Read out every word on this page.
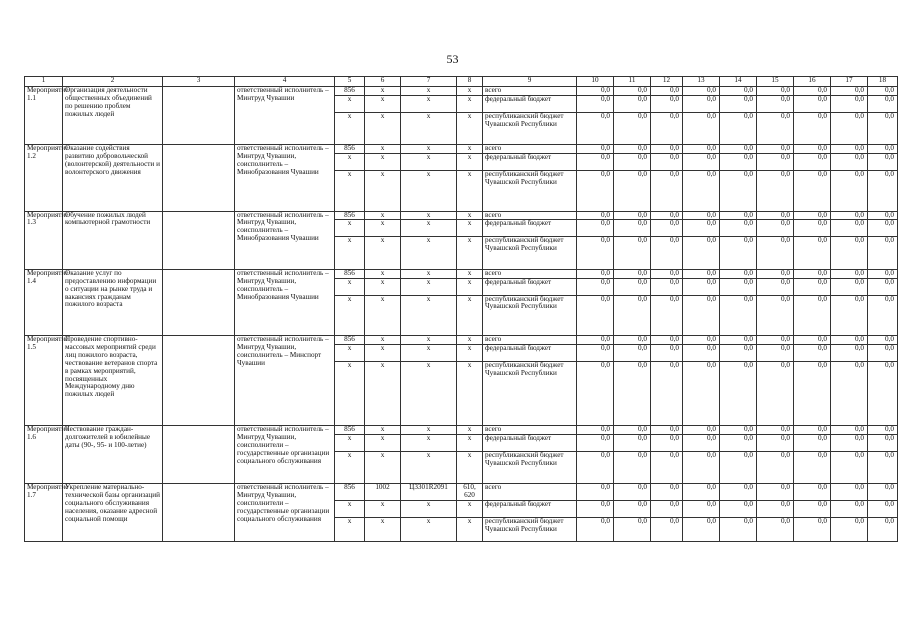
53
1	2	3	4	5	6	7	8	9	10	11	12	13	14	15	16	17	18
Мероприятие 1.1	Организация деятельности общественных объединений по решению проблем пожилых людей		ответственный исполнитель – Минтруд Чувашии	856	x	x	x	всего	0,0	0,0	0,0	0,0	0,0	0,0	0,0	0,0	0,0
				x	x	x	x	федеральный бюджет	0,0	0,0	0,0	0,0	0,0	0,0	0,0	0,0	0,0
				x	x	x	x	республиканский бюджет Чувашской Республики	0,0	0,0	0,0	0,0	0,0	0,0	0,0	0,0	0,0
Мероприятие 1.2	Оказание содействия развитию добровольческой (волонтерской) деятельности и волонтерского движения		ответственный исполнитель – Минтруд Чувашии, соисполнитель – Минобразования Чувашии	856	x	x	x	всего	0,0	0,0	0,0	0,0	0,0	0,0	0,0	0,0	0,0
				x	x	x	x	федеральный бюджет	0,0	0,0	0,0	0,0	0,0	0,0	0,0	0,0	0,0
				x	x	x	x	республиканский бюджет Чувашской Республики	0,0	0,0	0,0	0,0	0,0	0,0	0,0	0,0	0,0
Мероприятие 1.3	Обучение пожилых людей компьютерной грамотности		ответственный исполнитель – Минтруд Чувашии, соисполнитель – Минобразования Чувашии	856	x	x	x	всего	0,0	0,0	0,0	0,0	0,0	0,0	0,0	0,0	0,0
				x	x	x	x	федеральный бюджет	0,0	0,0	0,0	0,0	0,0	0,0	0,0	0,0	0,0
				x	x	x	x	республиканский бюджет Чувашской Республики	0,0	0,0	0,0	0,0	0,0	0,0	0,0	0,0	0,0
Мероприятие 1.4	Оказание услуг по предоставлению информации о ситуации на рынке труда и вакансиях гражданам пожилого возраста		ответственный исполнитель – Минтруд Чувашии, соисполнитель – Минобразования Чувашии	856	x	x	x	всего	0,0	0,0	0,0	0,0	0,0	0,0	0,0	0,0	0,0
				x	x	x	x	федеральный бюджет	0,0	0,0	0,0	0,0	0,0	0,0	0,0	0,0	0,0
				x	x	x	x	республиканский бюджет Чувашской Республики	0,0	0,0	0,0	0,0	0,0	0,0	0,0	0,0	0,0
Мероприятие 1.5	Проведение спортивно-массовых мероприятий среди лиц пожилого возраста, чествование ветеранов спорта в рамках мероприятий, посвященных Международному дню пожилых людей		ответственный исполнитель – Минтруд Чувашии, соисполнитель – Минспорт Чувашии	856	x	x	x	всего	0,0	0,0	0,0	0,0	0,0	0,0	0,0	0,0	0,0
				x	x	x	x	федеральный бюджет	0,0	0,0	0,0	0,0	0,0	0,0	0,0	0,0	0,0
				x	x	x	x	республиканский бюджет Чувашской Республики	0,0	0,0	0,0	0,0	0,0	0,0	0,0	0,0	0,0
Мероприятие 1.6	Чествование граждан-долгожителей в юбилейные даты (90-, 95- и 100-летие)		ответственный исполнитель – Минтруд Чувашии, соисполнители – государственные организации социального обслуживания	856	x	x	x	всего	0,0	0,0	0,0	0,0	0,0	0,0	0,0	0,0	0,0
				x	x	x	x	федеральный бюджет	0,0	0,0	0,0	0,0	0,0	0,0	0,0	0,0	0,0
				x	x	x	x	республиканский бюджет Чувашской Республики	0,0	0,0	0,0	0,0	0,0	0,0	0,0	0,0	0,0
Мероприятие 1.7	Укрепление материально-технической базы организаций социального обслуживания населения, оказание адресной социальной помощи		ответственный исполнитель – Минтруд Чувашии, соисполнители – государственные организации социального обслуживания	856	1002	Ц3301R2091	610, 620	всего	0,0	0,0	0,0	0,0	0,0	0,0	0,0	0,0	0,0
				x	x	x	x	федеральный бюджет	0,0	0,0	0,0	0,0	0,0	0,0	0,0	0,0	0,0
				x	x	x	x	республиканский бюджет Чувашской Республики	0,0	0,0	0,0	0,0	0,0	0,0	0,0	0,0	0,0
